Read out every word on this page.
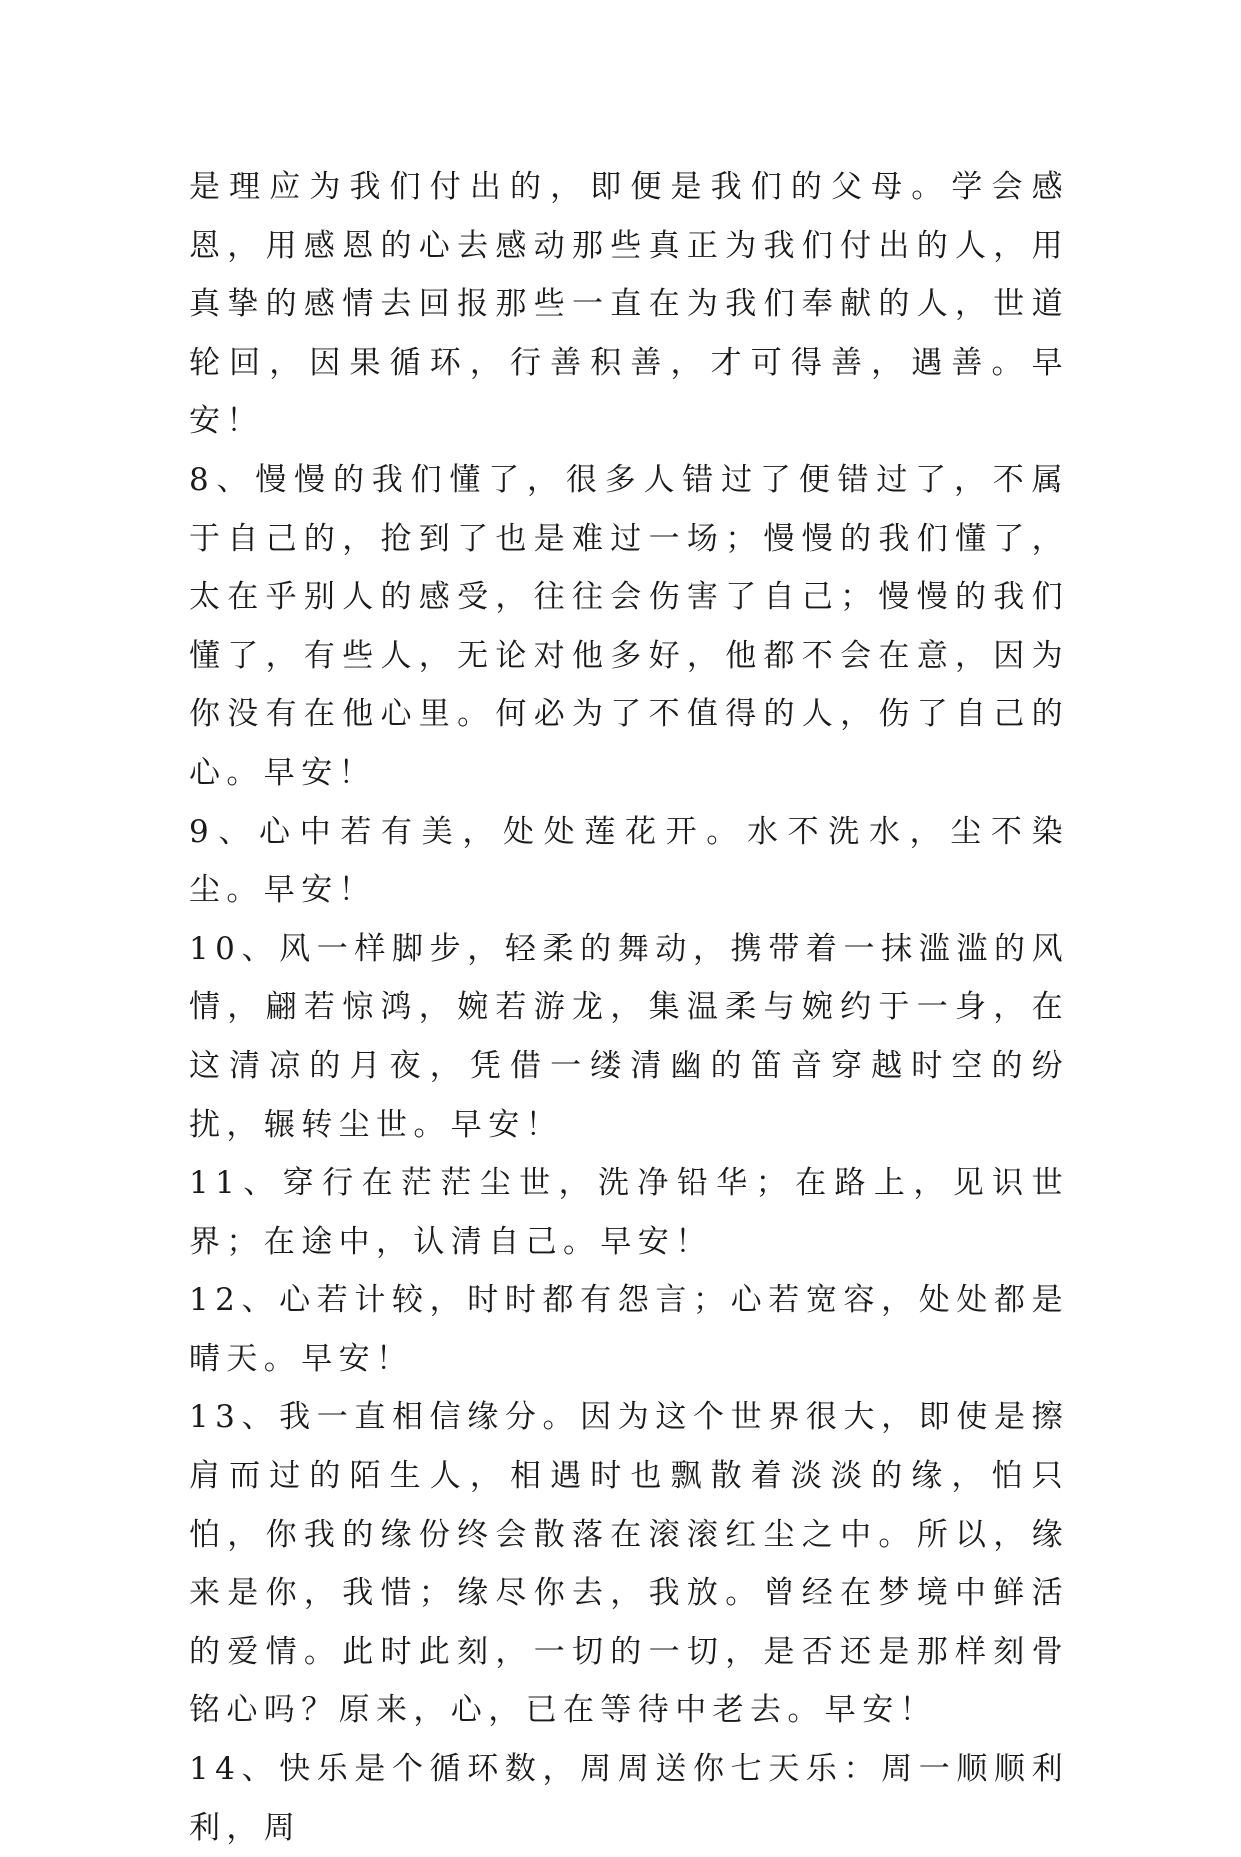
是理应为我们付出的，即便是我们的父母。学会感恩，用感恩的心去感动那些真正为我们付出的人，用真挚的感情去回报那些一直在为我们奉献的人，世道轮回，因果循环，行善积善，才可得善，遇善。早安！

8、慢慢的我们懂了，很多人错过了便错过了，不属于自己的，抢到了也是难过一场；慢慢的我们懂了，太在乎别人的感受，往往会伤害了自己；慢慢的我们懂了，有些人，无论对他多好，他都不会在意，因为你没有在他心里。何必为了不值得的人，伤了自己的心。早安！

9、心中若有美，处处莲花开。水不洗水，尘不染尘。早安！

10、风一样脚步，轻柔的舞动，携带着一抹滥滥的风情，翩若惊鸿，婉若游龙，集温柔与婉约于一身，在这清凉的月夜，凭借一缕清幽的笛音穿越时空的纷扰，辗转尘世。早安！

11、穿行在茫茫尘世，洗净铅华；在路上，见识世界；在途中，认清自己。早安！

12、心若计较，时时都有怨言；心若宽容，处处都是晴天。早安！

13、我一直相信缘分。因为这个世界很大，即使是擦肩而过的陌生人，相遇时也飘散着淡淡的缘，怕只怕，你我的缘份终会散落在滚滚红尘之中。所以，缘来是你，我惜；缘尽你去，我放。曾经在梦境中鲜活的爱情。此时此刻，一切的一切，是否还是那样刻骨铭心吗？原来，心，已在等待中老去。早安！

14、快乐是个循环数，周周送你七天乐：周一顺顺利利，周
